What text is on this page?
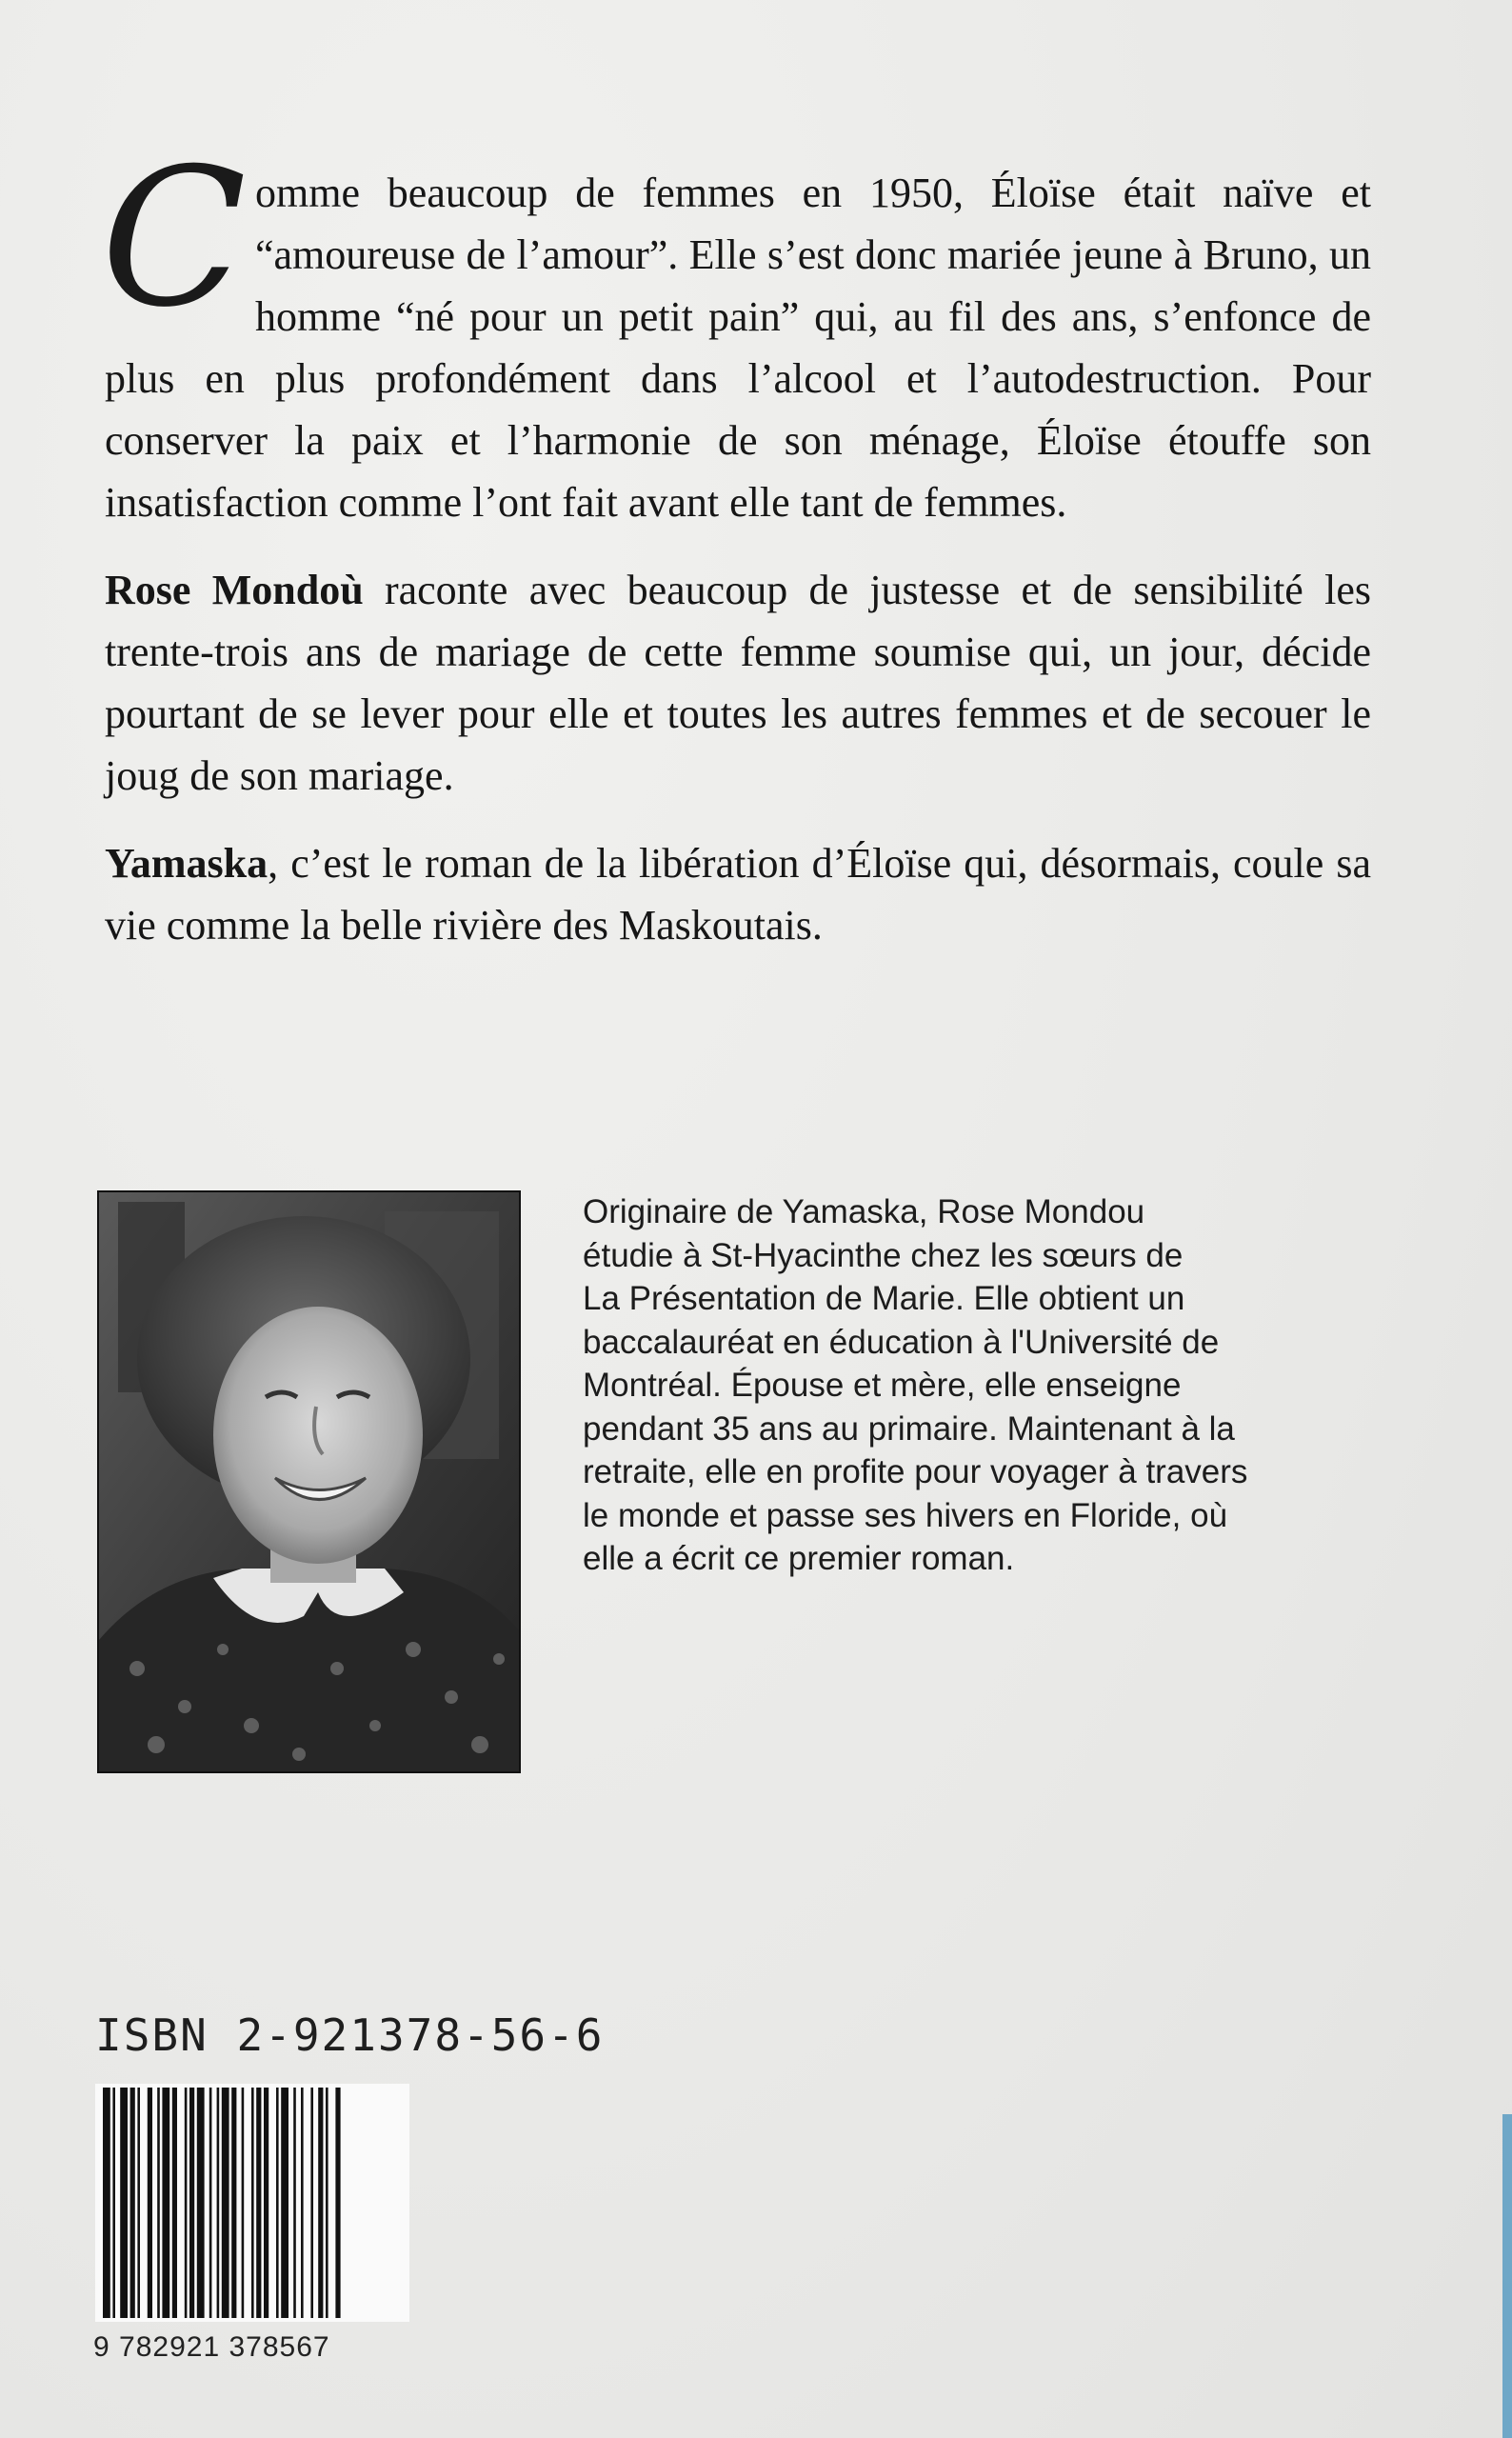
Comme beaucoup de femmes en 1950, Éloïse était naïve et “amoureuse de l’amour”. Elle s’est donc mariée jeune à Bruno, un homme “né pour un petit pain” qui, au fil des ans, s’enfonce de plus en plus profondément dans l’alcool et l’autodestruction. Pour conserver la paix et l’harmonie de son ménage, Éloïse étouffe son insatisfaction comme l’ont fait avant elle tant de femmes.

Rose Mondoù raconte avec beaucoup de justesse et de sensibilité les trente-trois ans de mariage de cette femme soumise qui, un jour, décide pourtant de se lever pour elle et toutes les autres femmes et de secouer le joug de son mariage.

Yamaska, c’est le roman de la libération d’Éloïse qui, désormais, coule sa vie comme la belle rivière des Maskoutais.

Originaire de Yamaska, Rose Mondou
étudie à St-Hyacinthe chez les sœurs de
La Présentation de Marie. Elle obtient un
baccalauréat en éducation à l'Université de
Montréal. Épouse et mère, elle enseigne
pendant 35 ans au primaire. Maintenant à la
retraite, elle en profite pour voyager à travers
le monde et passe ses hivers en Floride, où
elle a écrit ce premier roman.
ISBN 2-921378-56-6
9 782921 378567
